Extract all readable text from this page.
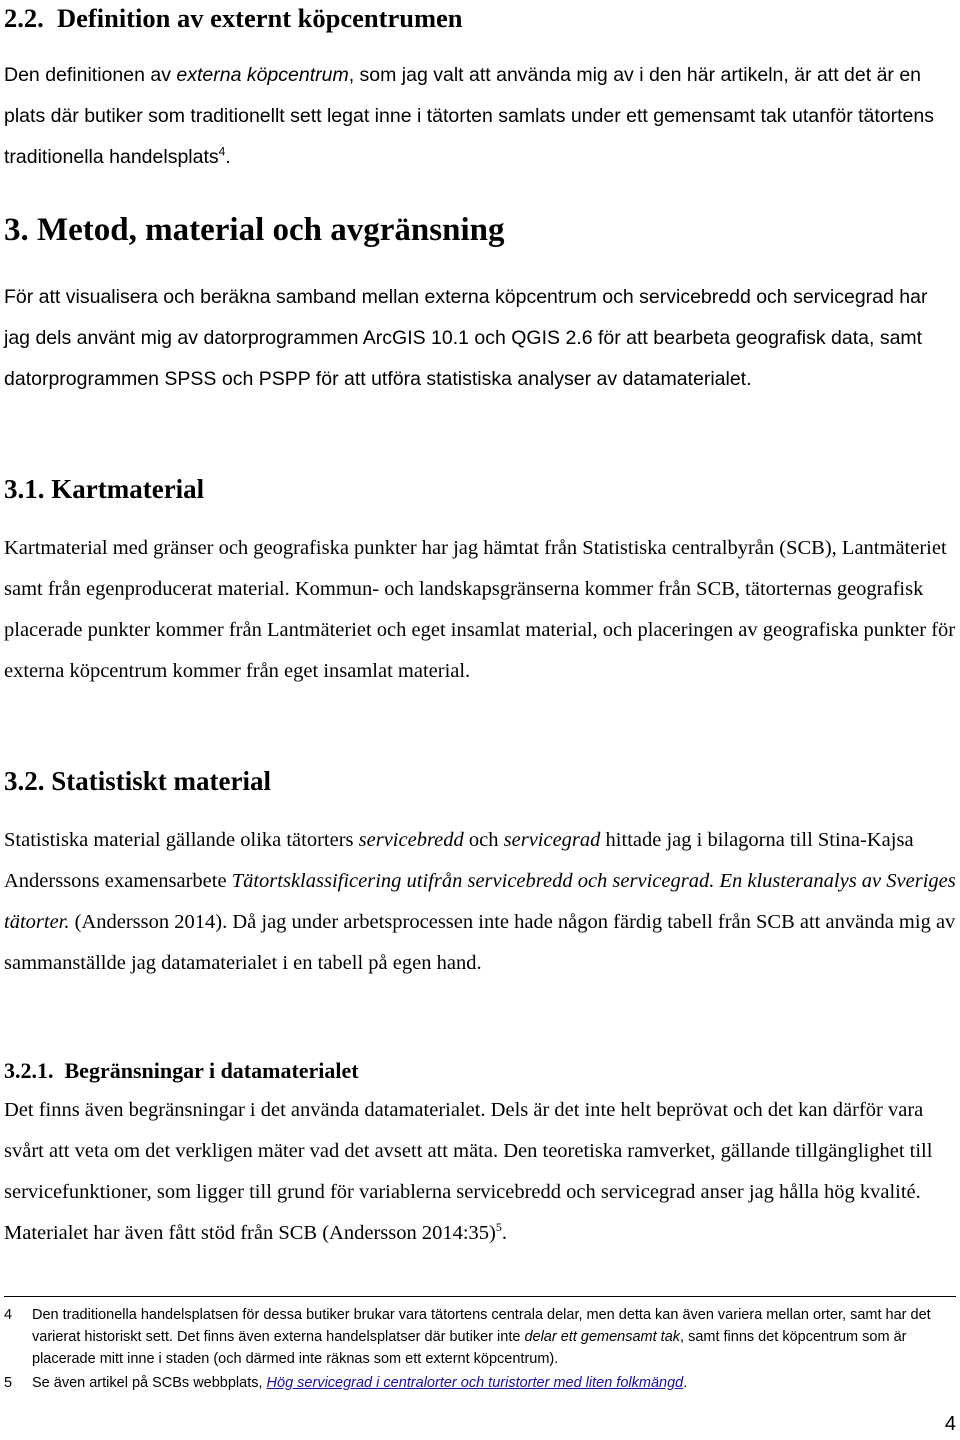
2.2. Definition av externt köpcentrumen

Den definitionen av externa köpcentrum, som jag valt att använda mig av i den här artikeln, är att det är en plats där butiker som traditionellt sett legat inne i tätorten samlats under ett gemensamt tak utanför tätortens traditionella handelsplats$^4$.

3. Metod, material och avgränsning

För att visualisera och beräkna samband mellan externa köpcentrum och servicebredd och servicegrad har jag dels använt mig av datorprogrammen ArcGIS 10.1 och QGIS 2.6 för att bearbeta geografisk data, samt datorprogrammen SPSS och PSPP för att utföra statistiska analyser av datamaterialet.

3.1. Kartmaterial

Kartmaterial med gränser och geografiska punkter har jag hämtat från Statistiska centralbyrån (SCB), Lantmäteriet samt från egenproducerat material. Kommun- och landskapsgränserna kommer från SCB, tätorternas geografisk placerade punkter kommer från Lantmäteriet och eget insamlat material, och placeringen av geografiska punkter för externa köpcentrum kommer från eget insamlat material.

3.2. Statistiskt material

Statistiska material gällande olika tätorters servicebredd och servicegrad hittade jag i bilagorna till Stina-Kajsa Anderssons examensarbete Tätortsklassificering utifrån servicebredd och servicegrad. En klusteranalys av Sveriges tätorter. (Andersson 2014). Då jag under arbetsprocessen inte hade någon färdig tabell från SCB att använda mig av sammanställde jag datamaterialet i en tabell på egen hand.

3.2.1. Begränsningar i datamaterialet

Det finns även begränsningar i det använda datamaterialet. Dels är det inte helt beprövat och det kan därför vara svårt att veta om det verkligen mäter vad det avsett att mäta. Den teoretiska ramverket, gällande tillgänglighet till servicefunktioner, som ligger till grund för variablerna servicebredd och servicegrad anser jag hålla hög kvalité. Materialet har även fått stöd från SCB (Andersson 2014:35)$^5$.

4 Den traditionella handelsplatsen för dessa butiker brukar vara tätortens centrala delar, men detta kan även variera mellan orter, samt har det varierat historiskt sett. Det finns även externa handelsplatser där butiker inte delar ett gemensamt tak, samt finns det köpcentrum som är placerade mitt inne i staden (och därmed inte räknas som ett externt köpcentrum).
5 Se även artikel på SCBs webbplats, Hög servicegrad i centralorter och turistorter med liten folkmängd.
4
